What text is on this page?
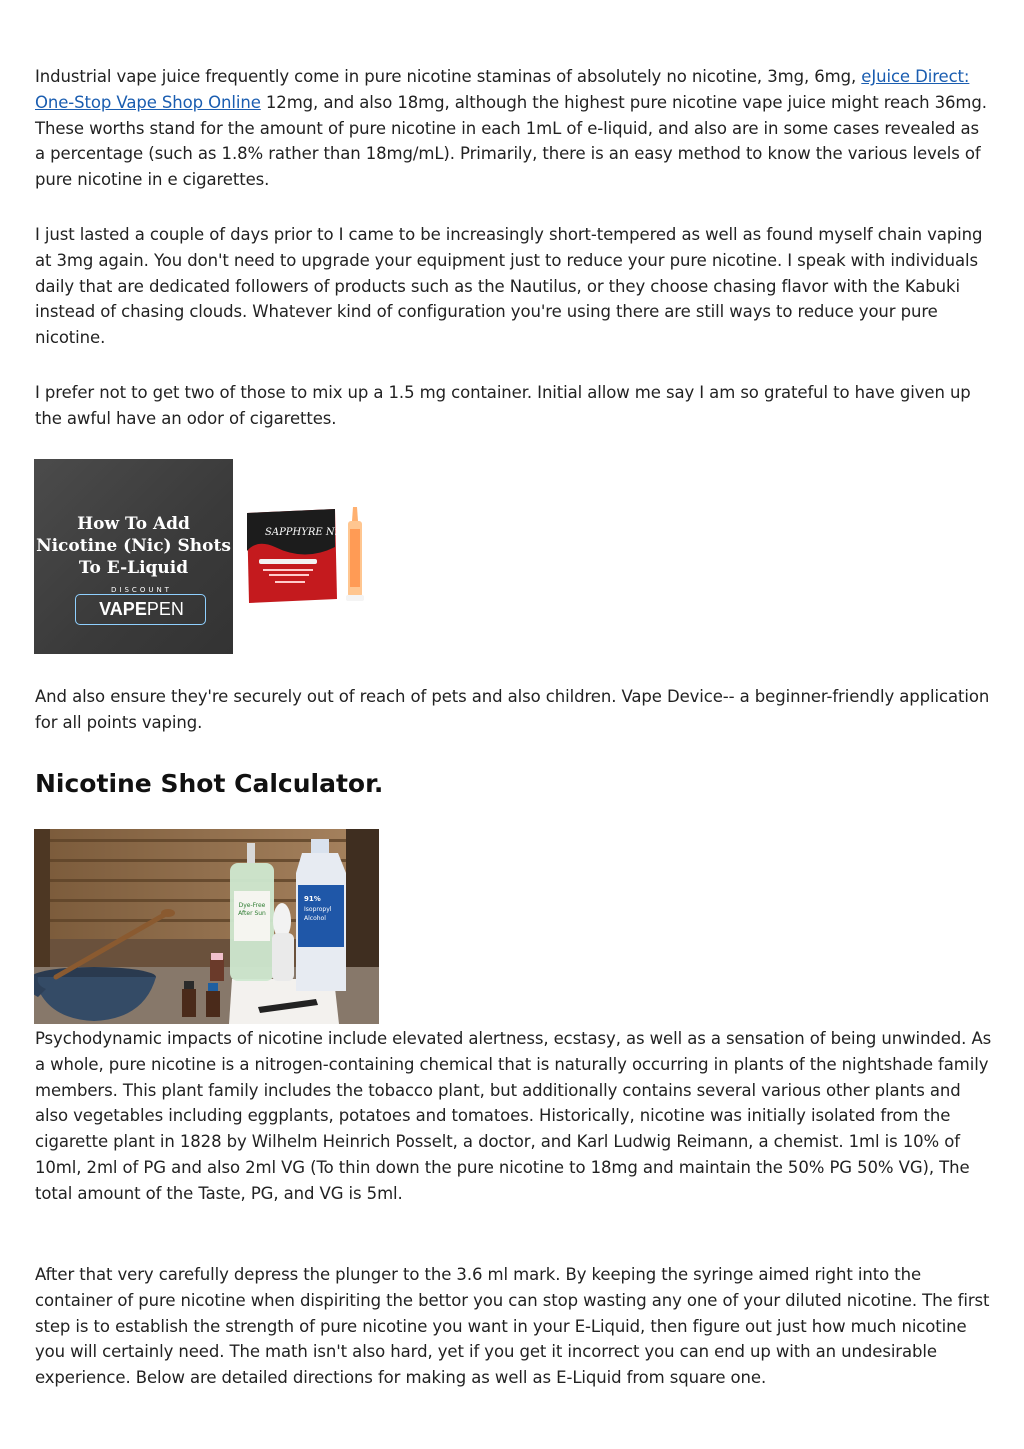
Industrial vape juice frequently come in pure nicotine staminas of absolutely no nicotine, 3mg, 6mg, eJuice Direct: One-Stop Vape Shop Online 12mg, and also 18mg, although the highest pure nicotine vape juice might reach 36mg. These worths stand for the amount of pure nicotine in each 1mL of e-liquid, and also are in some cases revealed as a percentage (such as 1.8% rather than 18mg/mL). Primarily, there is an easy method to know the various levels of pure nicotine in e cigarettes.

I just lasted a couple of days prior to I came to be increasingly short-tempered as well as found myself chain vaping at 3mg again. You don't need to upgrade your equipment just to reduce your pure nicotine. I speak with individuals daily that are dedicated followers of products such as the Nautilus, or they choose chasing flavor with the Kabuki instead of chasing clouds. Whatever kind of configuration you're using there are still ways to reduce your pure nicotine.

I prefer not to get two of those to mix up a 1.5 mg container. Initial allow me say I am so grateful to have given up the awful have an odor of cigarettes.

How To Add
Nicotine (Nic) Shots
To E-Liquid
DISCOUNT
VAPEPEN
SAPPHYRE Nic

And also ensure they're securely out of reach of pets and also children. Vape Device-- a beginner-friendly application for all points vaping.

Nicotine Shot Calculator.
Dye-Free
After Sun
91%
Isopropyl
Alcohol

Psychodynamic impacts of nicotine include elevated alertness, ecstasy, as well as a sensation of being unwinded. As a whole, pure nicotine is a nitrogen-containing chemical that is naturally occurring in plants of the nightshade family members. This plant family includes the tobacco plant, but additionally contains several various other plants and also vegetables including eggplants, potatoes and tomatoes. Historically, nicotine was initially isolated from the cigarette plant in 1828 by Wilhelm Heinrich Posselt, a doctor, and Karl Ludwig Reimann, a chemist. 1ml is 10% of 10ml, 2ml of PG and also 2ml VG (To thin down the pure nicotine to 18mg and maintain the 50% PG 50% VG), The total amount of the Taste, PG, and VG is 5ml.

After that very carefully depress the plunger to the 3.6 ml mark. By keeping the syringe aimed right into the container of pure nicotine when dispiriting the bettor you can stop wasting any one of your diluted nicotine. The first step is to establish the strength of pure nicotine you want in your E-Liquid, then figure out just how much nicotine you will certainly need. The math isn't also hard, yet if you get it incorrect you can end up with an undesirable experience. Below are detailed directions for making as well as E-Liquid from square one.
